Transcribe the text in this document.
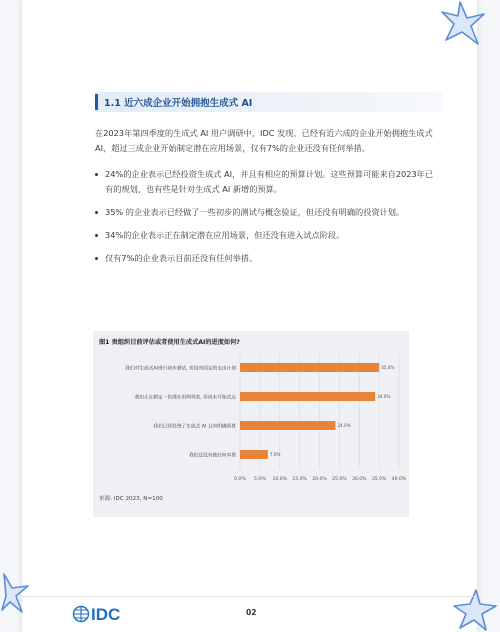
1.1 近六成企业开始拥抱生成式 AI
在2023年第四季度的生成式 AI 用户调研中，IDC 发现，已经有近六成的企业开始拥抱生成式 AI，超过三成企业开始制定潜在应用场景，仅有7%的企业还没有任何举措。
24%的企业表示已经投资生成式 AI，并且有相应的预算计划。这些预算可能来自2023年已有的规划，也有些是针对生成式 AI 新增的预算。
35% 的企业表示已经做了一些初步的测试与概念验证，但还没有明确的投资计划。
34%的企业表示正在制定潜在应用场景，但还没有进入试点阶段。
仅有7%的企业表示目前还没有任何举措。
图1 贵组织目前评估或者使用生成式AI的进度如何?
0.0% 5.0% 10.0% 15.0% 20.0% 25.0% 30.0% 35.0% 40.0%
我们对生成式AI进行初步测试, 但没有固定的支出计划	35.0%
我们正在制定一份潜在用例列表, 但尚未开始试点	34.0%
我们已经投资了生成式 AI 且有明确预算	24.0%
我们还没有做任何举措	7.0%
来源: IDC 2023, N=100
IDC	02
